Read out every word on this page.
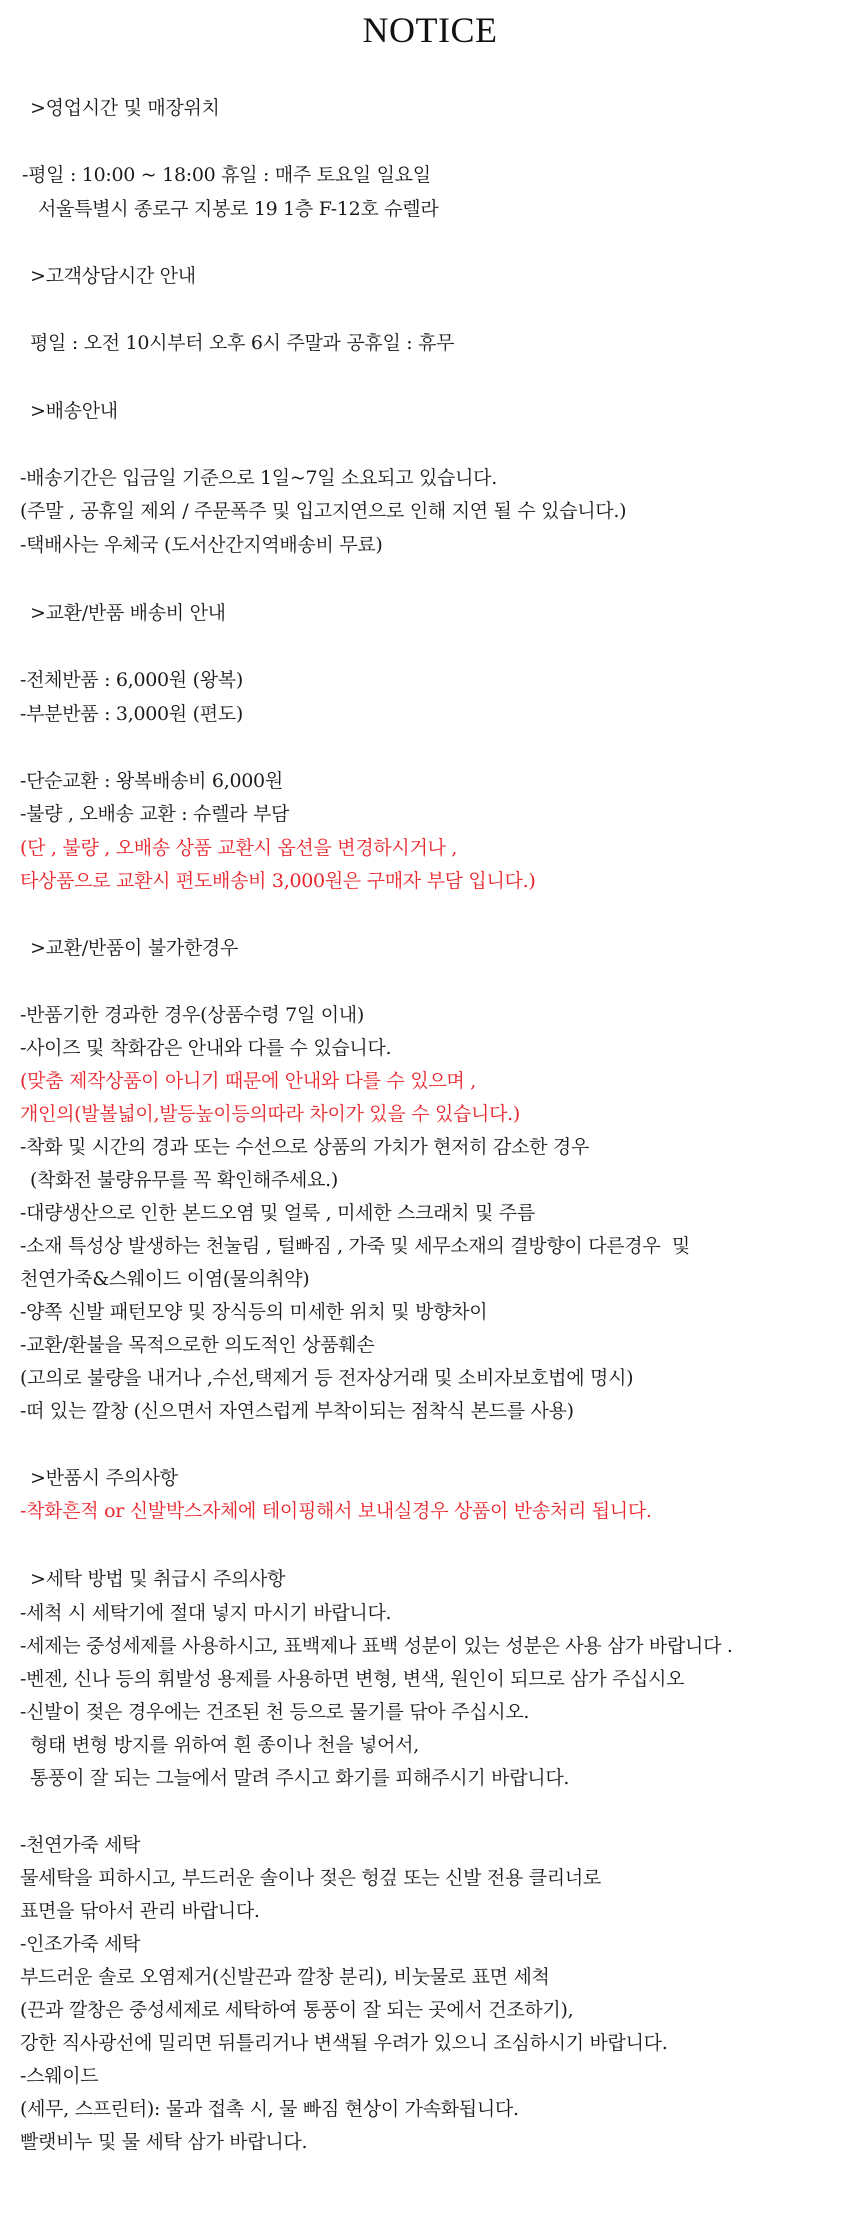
NOTICE
>영업시간 및 매장위치
-평일 : 10:00 ~ 18:00 휴일 : 매주 토요일 일요일
서울특별시 종로구 지봉로 19 1층 F-12호 슈렐라
>고객상담시간 안내
평일 : 오전 10시부터 오후 6시 주말과 공휴일 : 휴무
>배송안내
-배송기간은 입금일 기준으로 1일~7일 소요되고 있습니다.
(주말 , 공휴일 제외 / 주문폭주 및 입고지연으로 인해 지연 될 수 있습니다.)
-택배사는 우체국 (도서산간지역배송비 무료)
>교환/반품 배송비 안내
-전체반품 : 6,000원 (왕복)
-부분반품 : 3,000원 (편도)
-단순교환 : 왕복배송비 6,000원
-불량 , 오배송 교환 : 슈렐라 부담
(단 , 불량 , 오배송 상품 교환시 옵션을 변경하시거나 ,
타상품으로 교환시 편도배송비 3,000원은 구매자 부담 입니다.)
>교환/반품이 불가한경우
-반품기한 경과한 경우(상품수령 7일 이내)
-사이즈 및 착화감은 안내와 다를 수 있습니다.
(맞춤 제작상품이 아니기 때문에 안내와 다를 수 있으며 ,
개인의(발볼넓이,발등높이등의따라 차이가 있을 수 있습니다.)
-착화 및 시간의 경과 또는 수선으로 상품의 가치가 현저히 감소한 경우
(착화전 불량유무를 꼭 확인해주세요.)
-대량생산으로 인한 본드오염 및 얼룩 , 미세한 스크래치 및 주름
-소재 특성상 발생하는 천눌림 , 털빠짐 , 가죽 및 세무소재의 결방향이 다른경우  및
천연가죽&스웨이드 이염(물의취약)
-양쪽 신발 패턴모양 및 장식등의 미세한 위치 및 방향차이
-교환/환불을 목적으로한 의도적인 상품훼손
(고의로 불량을 내거나 ,수선,택제거 등 전자상거래 및 소비자보호법에 명시)
-떠 있는 깔창 (신으면서 자연스럽게 부착이되는 점착식 본드를 사용)
>반품시 주의사항
-착화흔적 or 신발박스자체에 테이핑해서 보내실경우 상품이 반송처리 됩니다.
>세탁 방법 및 취급시 주의사항
-세척 시 세탁기에 절대 넣지 마시기 바랍니다.
-세제는 중성세제를 사용하시고, 표백제나 표백 성분이 있는 성분은 사용 삼가 바랍니다 .
-벤젠, 신나 등의 휘발성 용제를 사용하면 변형, 변색, 원인이 되므로 삼가 주십시오
-신발이 젖은 경우에는 건조된 천 등으로 물기를 닦아 주십시오.
형태 변형 방지를 위하여 흰 종이나 천을 넣어서,
통풍이 잘 되는 그늘에서 말려 주시고 화기를 피해주시기 바랍니다.
-천연가죽 세탁
물세탁을 피하시고, 부드러운 솔이나 젖은 헝겊 또는 신발 전용 클리너로
표면을 닦아서 관리 바랍니다.
-인조가죽 세탁
부드러운 솔로 오염제거(신발끈과 깔창 분리), 비눗물로 표면 세척
(끈과 깔창은 중성세제로 세탁하여 통풍이 잘 되는 곳에서 건조하기),
강한 직사광선에 밀리면 뒤틀리거나 변색될 우려가 있으니 조심하시기 바랍니다.
-스웨이드
(세무, 스프린터): 물과 접촉 시, 물 빠짐 현상이 가속화됩니다.
빨랫비누 및 물 세탁 삼가 바랍니다.
